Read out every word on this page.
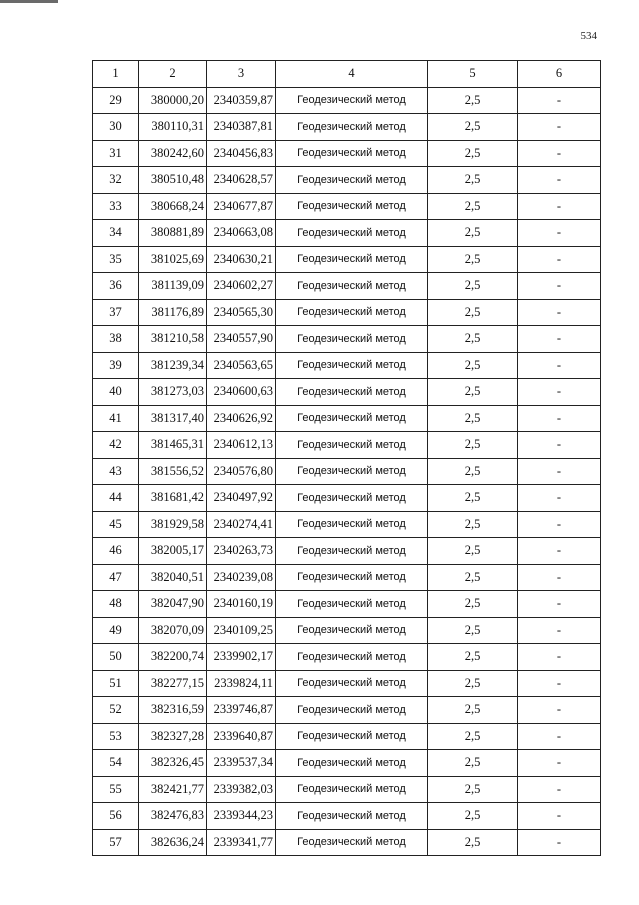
534
1	2	3	4	5	6
29	380000,20	2340359,87	Геодезический метод	2,5	-
30	380110,31	2340387,81	Геодезический метод	2,5	-
31	380242,60	2340456,83	Геодезический метод	2,5	-
32	380510,48	2340628,57	Геодезический метод	2,5	-
33	380668,24	2340677,87	Геодезический метод	2,5	-
34	380881,89	2340663,08	Геодезический метод	2,5	-
35	381025,69	2340630,21	Геодезический метод	2,5	-
36	381139,09	2340602,27	Геодезический метод	2,5	-
37	381176,89	2340565,30	Геодезический метод	2,5	-
38	381210,58	2340557,90	Геодезический метод	2,5	-
39	381239,34	2340563,65	Геодезический метод	2,5	-
40	381273,03	2340600,63	Геодезический метод	2,5	-
41	381317,40	2340626,92	Геодезический метод	2,5	-
42	381465,31	2340612,13	Геодезический метод	2,5	-
43	381556,52	2340576,80	Геодезический метод	2,5	-
44	381681,42	2340497,92	Геодезический метод	2,5	-
45	381929,58	2340274,41	Геодезический метод	2,5	-
46	382005,17	2340263,73	Геодезический метод	2,5	-
47	382040,51	2340239,08	Геодезический метод	2,5	-
48	382047,90	2340160,19	Геодезический метод	2,5	-
49	382070,09	2340109,25	Геодезический метод	2,5	-
50	382200,74	2339902,17	Геодезический метод	2,5	-
51	382277,15	2339824,11	Геодезический метод	2,5	-
52	382316,59	2339746,87	Геодезический метод	2,5	-
53	382327,28	2339640,87	Геодезический метод	2,5	-
54	382326,45	2339537,34	Геодезический метод	2,5	-
55	382421,77	2339382,03	Геодезический метод	2,5	-
56	382476,83	2339344,23	Геодезический метод	2,5	-
57	382636,24	2339341,77	Геодезический метод	2,5	-
